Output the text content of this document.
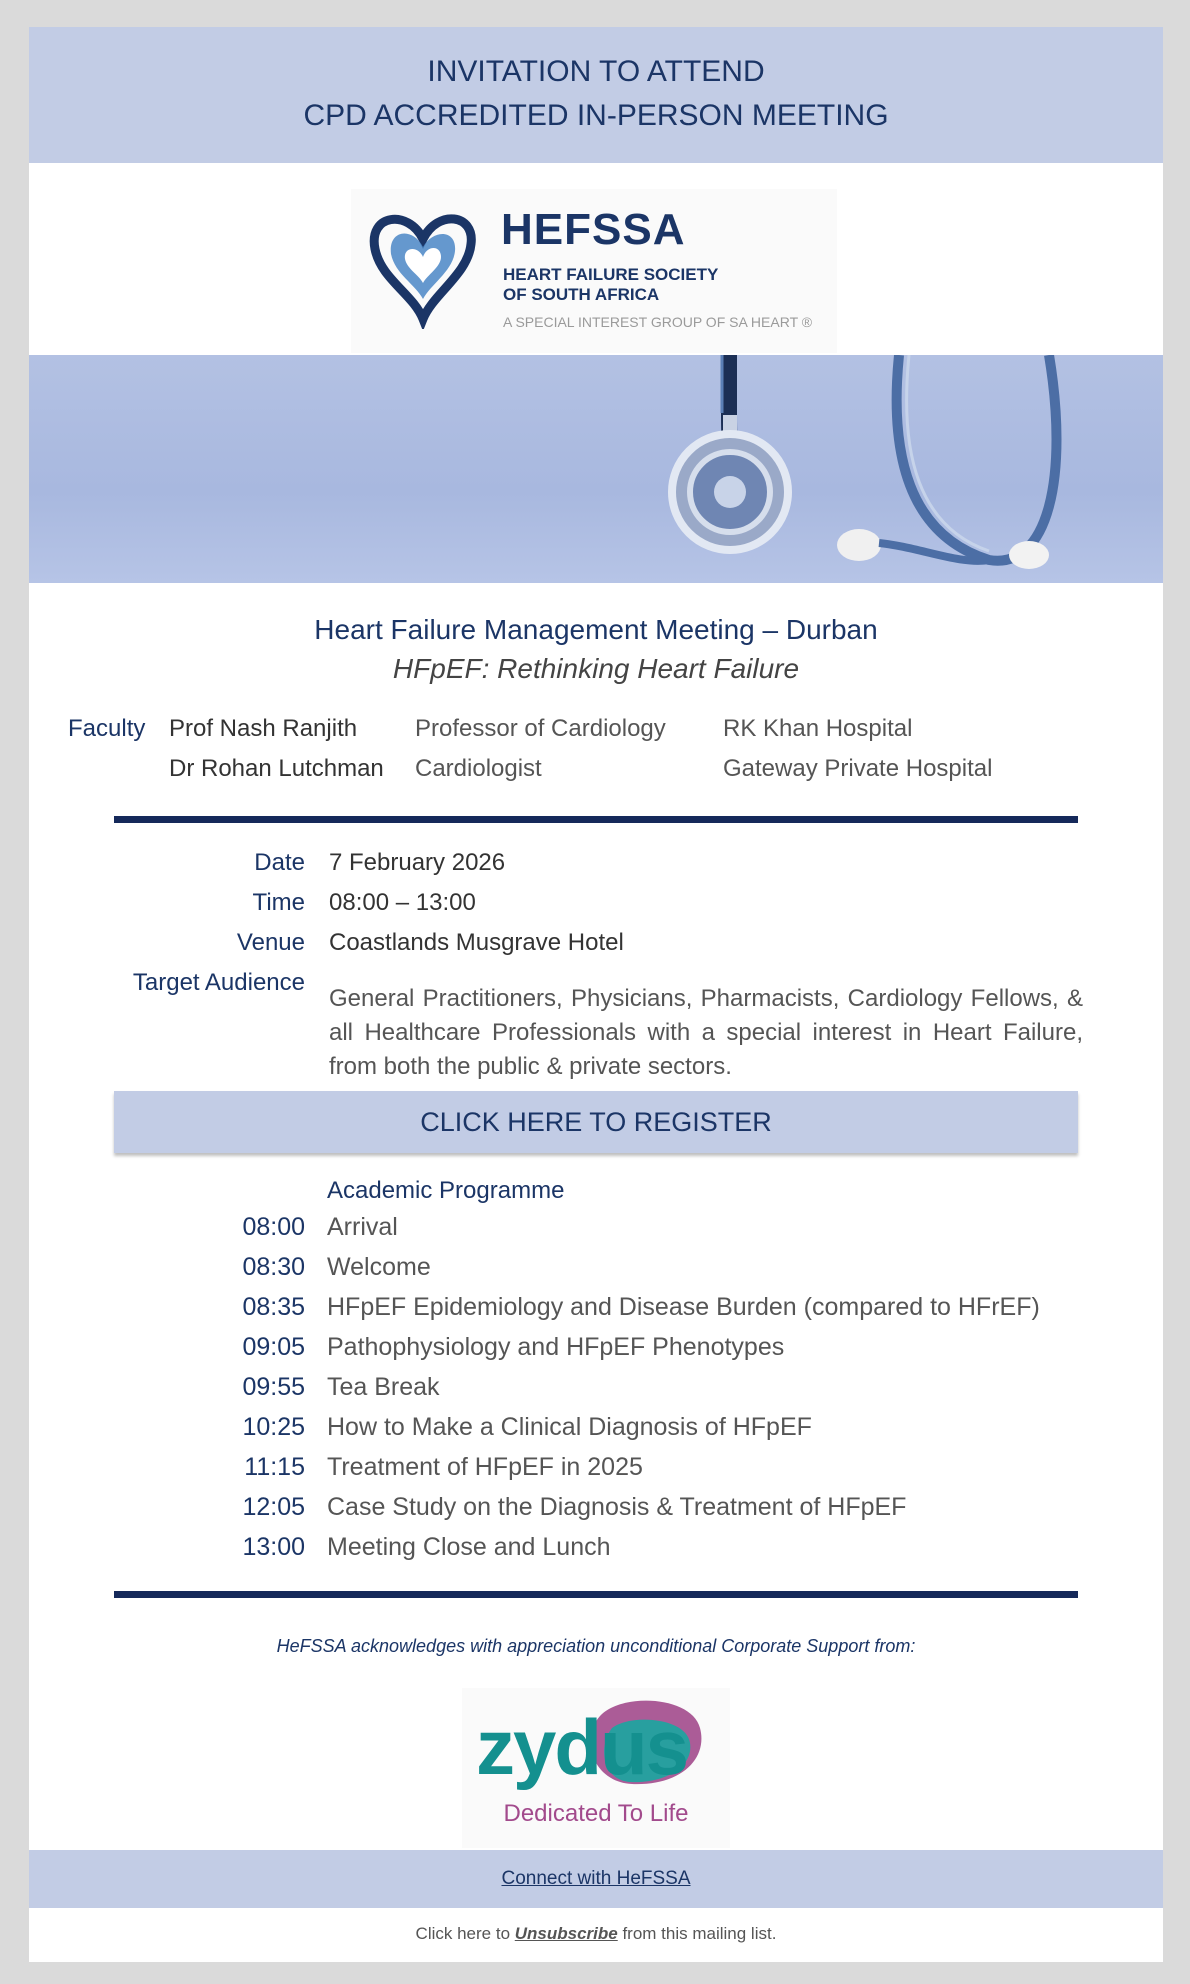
INVITATION TO ATTEND
CPD ACCREDITED IN-PERSON MEETING
HEFSSA
HEART FAILURE SOCIETY
OF SOUTH AFRICA
A SPECIAL INTEREST GROUP OF SA HEART ®
Heart Failure Management Meeting – Durban
HFpEF: Rethinking Heart Failure
Faculty Prof Nash Ranjith Professor of Cardiology RK Khan Hospital
Dr Rohan Lutchman Cardiologist	Gateway Private Hospital
Date 7 February 2026
Time 08:00 – 13:00
Venue Coastlands Musgrave Hotel
Target Audience
General Practitioners, Physicians, Pharmacists, Cardiology Fellows, & all Healthcare Professionals with a special interest in Heart Failure, from both the public & private sectors.
CLICK HERE TO REGISTER
Academic Programme
08:00 Arrival
08:30 Welcome
08:35 HFpEF Epidemiology and Disease Burden (compared to HFrEF)
09:05 Pathophysiology and HFpEF Phenotypes
09:55 Tea Break
10:25 How to Make a Clinical Diagnosis of HFpEF
11:15 Treatment of HFpEF in 2025
12:05 Case Study on the Diagnosis & Treatment of HFpEF
13:00 Meeting Close and Lunch
HeFSSA acknowledges with appreciation unconditional Corporate Support from:
zydus
Dedicated To Life
Connect with HeFSSA
Click here to Unsubscribe from this mailing list.
